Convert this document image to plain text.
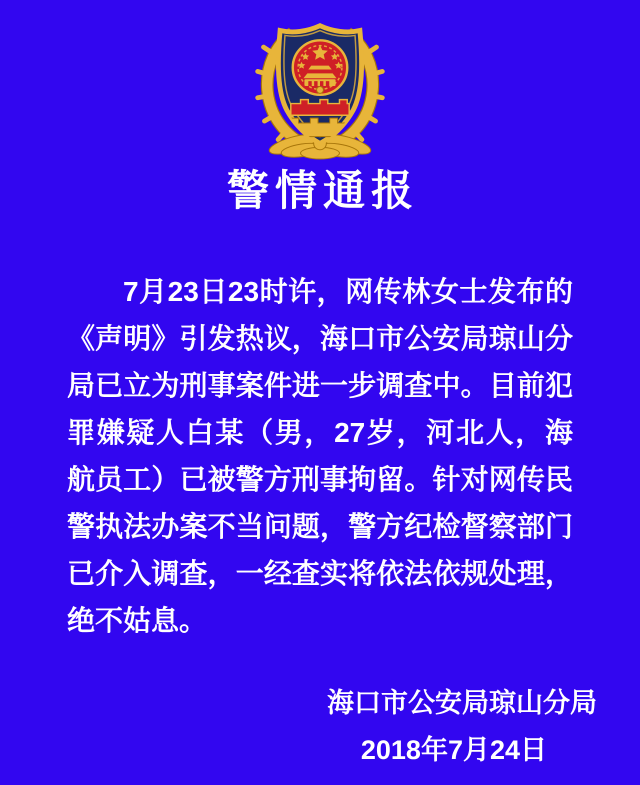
警情通报

7月23日23时许，网传林女士发布的《声明》引发热议，海口市公安局琼山分局已立为刑事案件进一步调查中。目前犯罪嫌疑人白某（男，27岁，河北人，海航员工）已被警方刑事拘留。针对网传民警执法办案不当问题，警方纪检督察部门已介入调查，一经查实将依法依规处理，绝不姑息。

海口市公安局琼山分局
2018年7月24日
